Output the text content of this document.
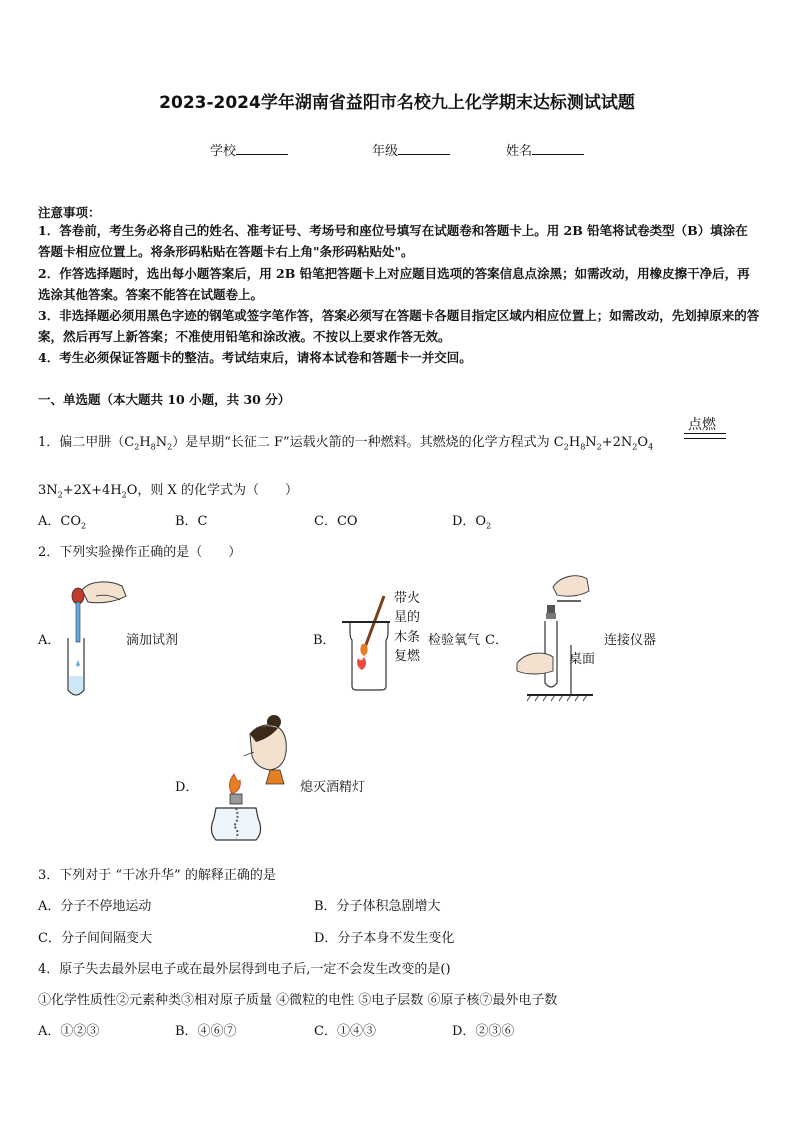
2023-2024学年湖南省益阳市名校九上化学期末达标测试试题
学校	年级	姓名
注意事项：
1．答卷前，考生务必将自己的姓名、准考证号、考场号和座位号填写在试题卷和答题卡上。用 2B 铅笔将试卷类型（B）填涂在答题卡相应位置上。将条形码粘贴在答题卡右上角"条形码粘贴处"。
2．作答选择题时，选出每小题答案后，用 2B 铅笔把答题卡上对应题目选项的答案信息点涂黑；如需改动，用橡皮擦干净后，再选涂其他答案。答案不能答在试题卷上。
3．非选择题必须用黑色字迹的钢笔或签字笔作答，答案必须写在答题卡各题目指定区域内相应位置上；如需改动，先划掉原来的答案，然后再写上新答案；不准使用铅笔和涂改液。不按以上要求作答无效。
4．考生必须保证答题卡的整洁。考试结束后，请将本试卷和答题卡一并交回。
一、单选题（本大题共 10 小题，共 30 分）
1．偏二甲肼$(C_2H_8N_2)$是早期“长征二 F”运载火箭的一种燃料。其燃烧的化学方程式为 $C_2H_8N_2+2N_2O_4$
点燃
$3N_2+2X+4H_2O$，则 X 的化学式为（　　）
A．$CO_2$	B．C	C．CO	D．$O_2$
2．下列实验操作正确的是（　　）
A．	滴加试剂	B．
带火
星的
木条
复燃
检验氧气 C．
桌面
连接仪器
D．	熄灭酒精灯
3．下列对于 “干冰升华” 的解释正确的是
A．分子不停地运动	B．分子体积急剧增大
C．分子间间隔变大	D．分子本身不发生变化
4．原子失去最外层电子或在最外层得到电子后,一定不会发生改变的是()
①化学性质性②元素种类③相对原子质量 ④微粒的电性 ⑤电子层数 ⑥原子核⑦最外电子数
A．①②③	B．④⑥⑦	C．①④③	D．②③⑥
